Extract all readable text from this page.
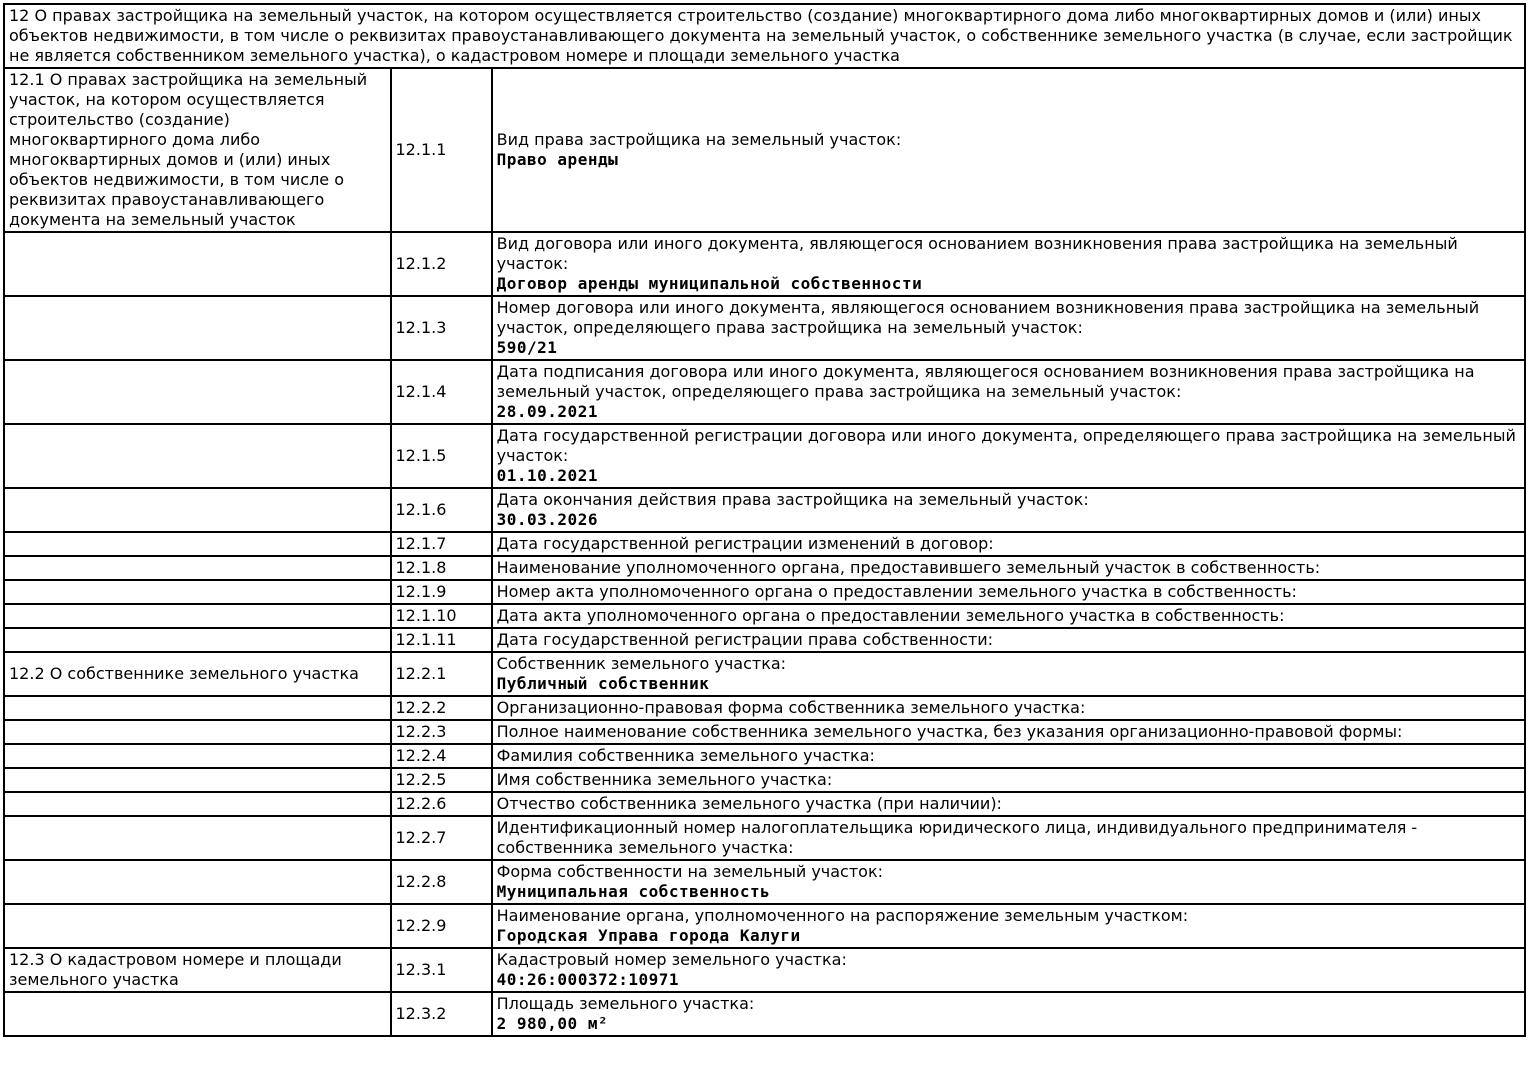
12 О правах застройщика на земельный участок, на котором осуществляется строительство (создание) многоквартирного дома либо многоквартирных домов и (или) иных объектов недвижимости, в том числе о реквизитах правоустанавливающего документа на земельный участок, о собственнике земельного участка (в случае, если застройщик не является собственником земельного участка), о кадастровом номере и площади земельного участка		
12.1 О правах застройщика на земельный участок, на котором осуществляется строительство (создание) многоквартирного дома либо многоквартирных домов и (или) иных объектов недвижимости, в том числе о реквизитах правоустанавливающего документа на земельный участок	12.1.1	Вид права застройщика на земельный участок:
Право аренды

	12.1.2	Вид договора или иного документа, являющегося основанием возникновения права застройщика на земельный участок:
Договор аренды муниципальной собственности

	12.1.3	Номер договора или иного документа, являющегося основанием возникновения права застройщика на земельный участок, определяющего права застройщика на земельный участок:
590/21

	12.1.4	Дата подписания договора или иного документа, являющегося основанием возникновения права застройщика на земельный участок, определяющего права застройщика на земельный участок:
28.09.2021

	12.1.5	Дата государственной регистрации договора или иного документа, определяющего права застройщика на земельный участок:
01.10.2021

	12.1.6	Дата окончания действия права застройщика на земельный участок:
30.03.2026

	12.1.7	Дата государственной регистрации изменений в договор:

	12.1.8	Наименование уполномоченного органа, предоставившего земельный участок в собственность:

	12.1.9	Номер акта уполномоченного органа о предоставлении земельного участка в собственность:

	12.1.10	Дата акта уполномоченного органа о предоставлении земельного участка в собственность:

	12.1.11	Дата государственной регистрации права собственности:

12.2 О собственнике земельного участка	12.2.1	Собственник земельного участка:
Публичный собственник

	12.2.2	Организационно-правовая форма собственника земельного участка:

	12.2.3	Полное наименование собственника земельного участка, без указания организационно-правовой формы:

	12.2.4	Фамилия собственника земельного участка:

	12.2.5	Имя собственника земельного участка:

	12.2.6	Отчество собственника земельного участка (при наличии):

	12.2.7	Идентификационный номер налогоплательщика юридического лица, индивидуального предпринимателя - собственника земельного участка:

	12.2.8	Форма собственности на земельный участок:
Муниципальная собственность

	12.2.9	Наименование органа, уполномоченного на распоряжение земельным участком:
Городская Управа города Калуги

12.3 О кадастровом номере и площади земельного участка	12.3.1	Кадастровый номер земельного участка:
40:26:000372:10971

	12.3.2	Площадь земельного участка:
2 980,00 м²
